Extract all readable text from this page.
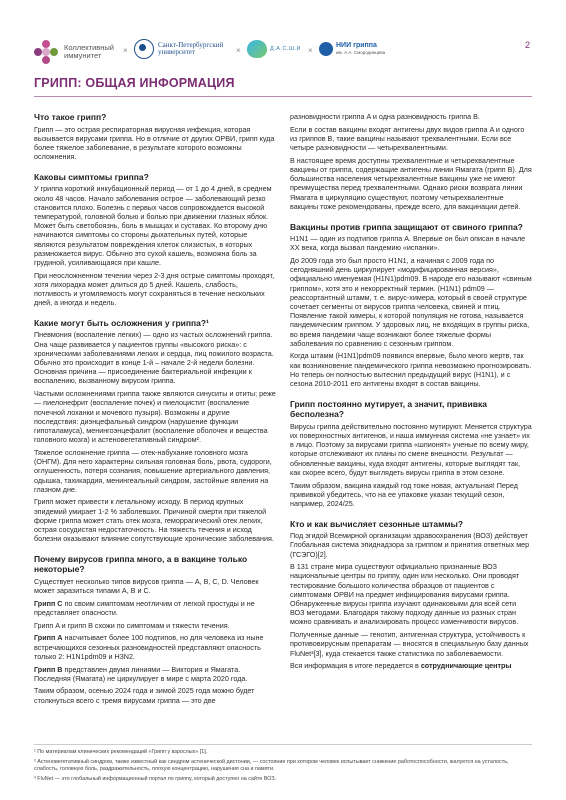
Коллективный
иммунитет
×
Санкт-Петербургский
университет	×	Д.А.С.Ш.И ×
НИИ гриппа
им. А.А. Смородинцева
2
ГРИПП: ОБЩАЯ ИНФОРМАЦИЯ
Что такое грипп?

Грипп — это острая респираторная вирусная инфекция, которая вызывается вирусами гриппа. Но в отличие от других ОРВИ, грипп куда более тяжелое заболевание, в результате которого возможны осложнения.

Каковы симптомы гриппа?

У гриппа короткий инкубационный период — от 1 до 4 дней, в среднем около 48 часов. Начало заболевания острое — заболевающий резко становится плохо. Болезнь с первых часов сопровождается высокой температурой, головной болью и болью при движении глазных яблок. Может быть светобоязнь, боль в мышцах и суставах. Ко второму дню начинаются симптомы со стороны дыхательных путей, которые являются результатом повреждения клеток слизистых, в которых размножается вирус. Обычно это сухой кашель, возможна боль за грудиной, усиливающаяся при кашле.

При неосложненном течении через 2-3 дня острые симптомы проходят, хотя лихорадка может длиться до 5 дней. Кашель, слабость, потливость и утомляемость могут сохраняться в течение нескольких дней, а иногда и недель.

Какие могут быть осложнения у гриппа?¹

Пневмония (воспаление легких) — одно из частых осложнений гриппа. Она чаще развивается у пациентов группы «высокого риска»: с хроническими заболеваниями легких и сердца, лиц пожилого возраста. Обычно это происходит в конце 1-й – начале 2-й недели болезни. Основная причина — присоединение бактериальной инфекции к воспалению, вызванному вирусом гриппа.

Частыми осложнениями гриппа также являются синуситы и отиты; реже — пиелонефрит (воспаление почек) и пиелоцистит (воспаление почечной лоханки и мочевого пузыря). Возможны и другие последствия: диэнцефальный синдром (нарушение функции гипоталамуса), менингоэнцефалит (воспаление оболочек и вещества головного мозга) и астеновегетативный синдром².

Тяжелое осложнение гриппа — отек-набухание головного мозга (ОНГМ). Для него характерны сильная головная боль, рвота, судороги, оглушенность, потеря сознания, повышение артериального давления, одышка, тахикардия, менингеальный синдром, застойные явления на глазном дне.

Грипп может привести к летальному исходу. В период крупных эпидемий умирает 1-2 % заболевших. Причиной смерти при тяжелой форме гриппа может стать отек мозга, геморрагический отек легких, острая сосудистая недостаточность. На тяжесть течения и исход болезни оказывают влияние сопутствующие хронические заболевания.

Почему вирусов гриппа много, а в вакцине только некоторые?

Существует несколько типов вирусов гриппа — A, B, C, D. Человек может заразиться типами A, B и C.

Грипп C по своим симптомам неотличим от легкой простуды и не представляет опасности.

Грипп A и грипп B схожи по симптомам и тяжести течения.

Грипп A насчитывает более 100 подтипов, но для человека из ныне встречающихся сезонных разновидностей представляют опасность только 2: H1N1pdm09 и H3N2.

Грипп B представлен двумя линиями — Виктория и Ямагата. Последняя (Ямагата) не циркулирует в мире с марта 2020 года.

Таким образом, осенью 2024 года и зимой 2025 года можно будет столкнуться всего с тремя вирусами гриппа — это две

разновидности гриппа A и одна разновидность гриппа B.

Если в состав вакцины входят антигены двух видов гриппа A и одного из гриппов B, такие вакцины называют трехвалентными. Если все четыре разновидности — четырехвалентными.

В настоящее время доступны трехвалентные и четырехвалентные вакцины от гриппа, содержащие антигены линии Ямагата (грипп B). Для большинства населения четырехвалентные вакцины уже не имеют преимущества перед трехвалентными. Однако риски возврата линии Ямагата в циркуляцию существуют, поэтому четырехвалентные вакцины тоже рекомендованы, прежде всего, для вакцинации детей.

Вакцины против гриппа защищают от свиного гриппа?

H1N1 — один из подтипов гриппа A. Впервые он был описан в начале XX века, когда вызвал пандемию «испанки».

До 2009 года это был просто H1N1, а начиная с 2009 года по сегодняшний день циркулирует «модифицированная версия», официально именуемая (H1N1)pdm09. В народе его называют «свиным гриппом», хотя это и некорректный термин. (H1N1) pdm09 — реассортантный штамм, т. е. вирус-химера, который в своей структуре сочетает сегменты от вирусов гриппа человека, свиней и птиц. Появление такой химеры, к которой популяция не готова, называется пандемическим гриппом. У здоровых лиц, не входящих в группы риска, во время пандемии чаще возникают более тяжелые формы заболевания по сравнению с сезонным гриппом.

Когда штамм (H1N1)pdm09 появился впервые, было много жертв, так как возникновение пандемического гриппа невозможно прогнозировать. Но теперь он полностью вытеснил предыдущий вирус (H1N1), и с сезона 2010-2011 его антигены входят в состав вакцины.

Грипп постоянно мутирует, а значит, прививка бесполезна?

Вирусы гриппа действительно постоянно мутируют. Меняется структура их поверхностных антигенов, и наша иммунная система «не узнает» их в лицо. Поэтому за вирусами гриппа «шпионят» ученые по всему миру, которые отслеживают их планы по смене внешности. Результат — обновленные вакцины, куда входят антигены, которые выглядят так, как скорее всего, будут выглядеть вирусы гриппа в этом сезоне.

Таким образом, вакцина каждый год тоже новая, актуальная! Перед прививкой убедитесь, что на ее упаковке указан текущий сезон, например, 2024/25.

Кто и как вычисляет сезонные штаммы?

Под эгидой Всемирной организации здравоохранения (ВОЗ) действует Глобальная система эпиднадзора за гриппом и принятия ответных мер (ГСЭГО)[2].

В 131 стране мира существуют официально признанные ВОЗ национальные центры по гриппу, один или несколько. Они проводят тестирование большого количества образцов от пациентов с симптомами ОРВИ на предмет инфицирования вирусами гриппа. Обнаруженные вирусы гриппа изучают одинаковыми для всей сети ВОЗ методами. Благодаря такому подходу данные из разных стран можно сравнивать и анализировать процесс изменчивости вирусов.

Полученные данные — генотип, антигенная структура, устойчивость к противовирусным препаратам — вносятся в специальную базу данных FluNet³[3], куда стекается также статистика по заболеваемости.

Вся информация в итоге передается в сотрудничающие центры

¹ По материалам клинических рекомендаций «Грипп у взрослых» [1].

² Астеновегетативный синдром, также известный как синдром астенической дистонии, — состояние при котором человек испытывает снижение работоспособности, жалуется на усталость, слабость, головную боль, раздражительность, плохую концентрацию, нарушения сна и памяти.

³ FluNet — это глобальный информационный портал по гриппу, который доступен на сайте ВОЗ.
